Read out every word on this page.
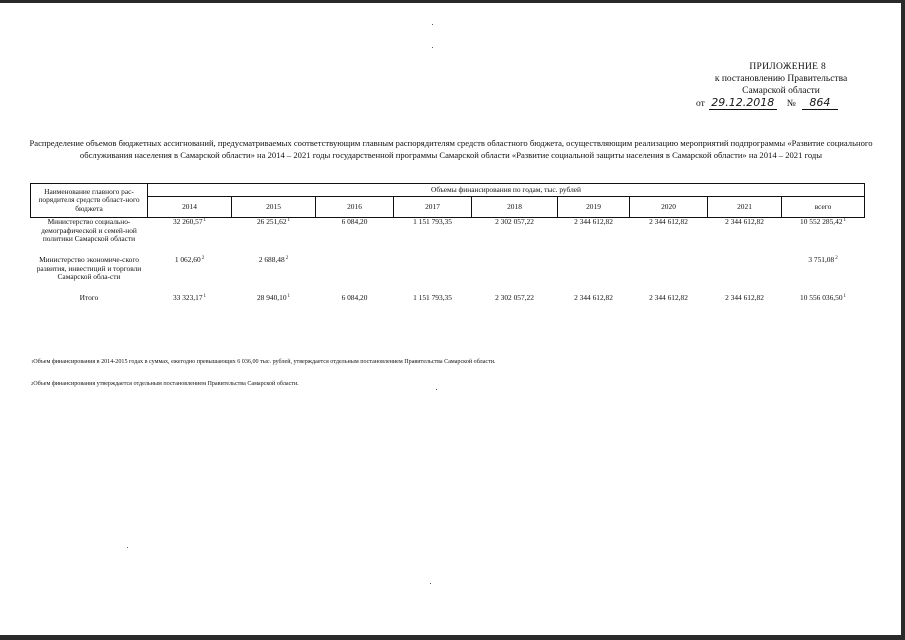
ПРИЛОЖЕНИЕ 8
к постановлению Правительства
Самарской области
от 29.12.2018 №	864
Распределение объемов бюджетных ассигнований, предусматриваемых соответствующим главным распорядителям средств областного бюджета, осуществляющим реализацию мероприятий подпрограммы «Развитие социального обслуживания населения в Самарской области» на 2014 – 2021 годы государственной программы Самарской области «Развитие социальной защиты населения в Самарской области» на 2014 – 2021 годы
Наименование главного рас-порядителя средств област-ного бюджета	Объемы финансирования по годам, тыс. рублей								
	2014	2015	2016	2017	2018	2019	2020	2021	всего
Министерство социально-демографической и семей-ной политики Самарской области	32 260,57$^1$	26 251,62$^1$	6 084,20	1 151 793,35	2 302 057,22	2 344 612,82	2 344 612,82	2 344 612,82	10 552 285,42$^1$
Министерство экономиче-ского развития, инвестиций и торговли Самарской обла-сти	1 062,60$^2$	2 688,48$^2$							3 751,08$^2$
Итого	33 323,17$^1$	28 940,10$^1$	6 084,20	1 151 793,35	2 302 057,22	2 344 612,82	2 344 612,82	2 344 612,82	10 556 036,50$^1$
$^1$Объем финансирования в 2014-2015 годах в суммах, ежегодно превышающих 6 036,00 тыс. рублей, утверждается отдельным постановлением Правительства Самарской области.
$^2$Объем финансирования утверждается отдельным постановлением Правительства Самарской области.
